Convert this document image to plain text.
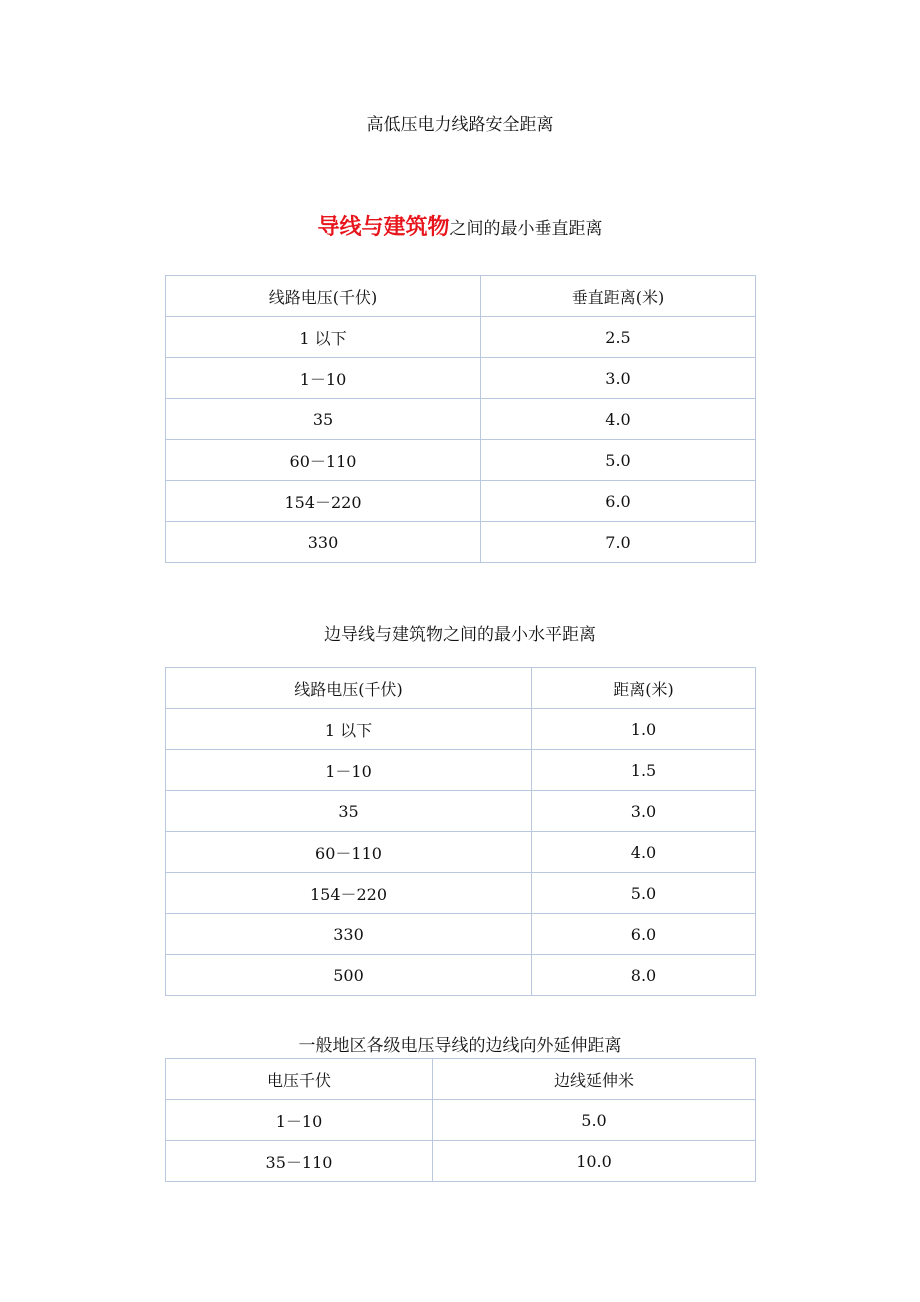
高低压电力线路安全距离
导线与建筑物之间的最小垂直距离
线路电压(千伏)	垂直距离(米)
1 以下	2.5
1－10	3.0
35	4.0
60－110	5.0
154－220	6.0
330	7.0
边导线与建筑物之间的最小水平距离
线路电压(千伏)	距离(米)
1 以下	1.0
1－10	1.5
35	3.0
60－110	4.0
154－220	5.0
330	6.0
500	8.0
一般地区各级电压导线的边线向外延伸距离
电压千伏	边线延伸米
1－10	5.0
35－110	10.0
